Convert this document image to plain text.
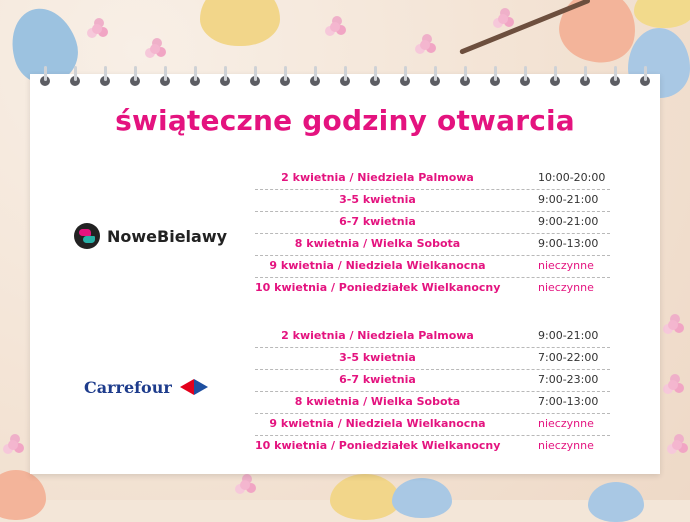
świąteczne godziny otwarcia
NoweBielawy
Carrefour
2 kwietnia / Niedziela Palmowa	10:00-20:00
3-5 kwietnia	9:00-21:00
6-7 kwietnia	9:00-21:00
8 kwietnia / Wielka Sobota	9:00-13:00
9 kwietnia / Niedziela Wielkanocna	nieczynne
10 kwietnia / Poniedziałek Wielkanocny	nieczynne
2 kwietnia / Niedziela Palmowa	9:00-21:00
3-5 kwietnia	7:00-22:00
6-7 kwietnia	7:00-23:00
8 kwietnia / Wielka Sobota	7:00-13:00
9 kwietnia / Niedziela Wielkanocna	nieczynne
10 kwietnia / Poniedziałek Wielkanocny	nieczynne
